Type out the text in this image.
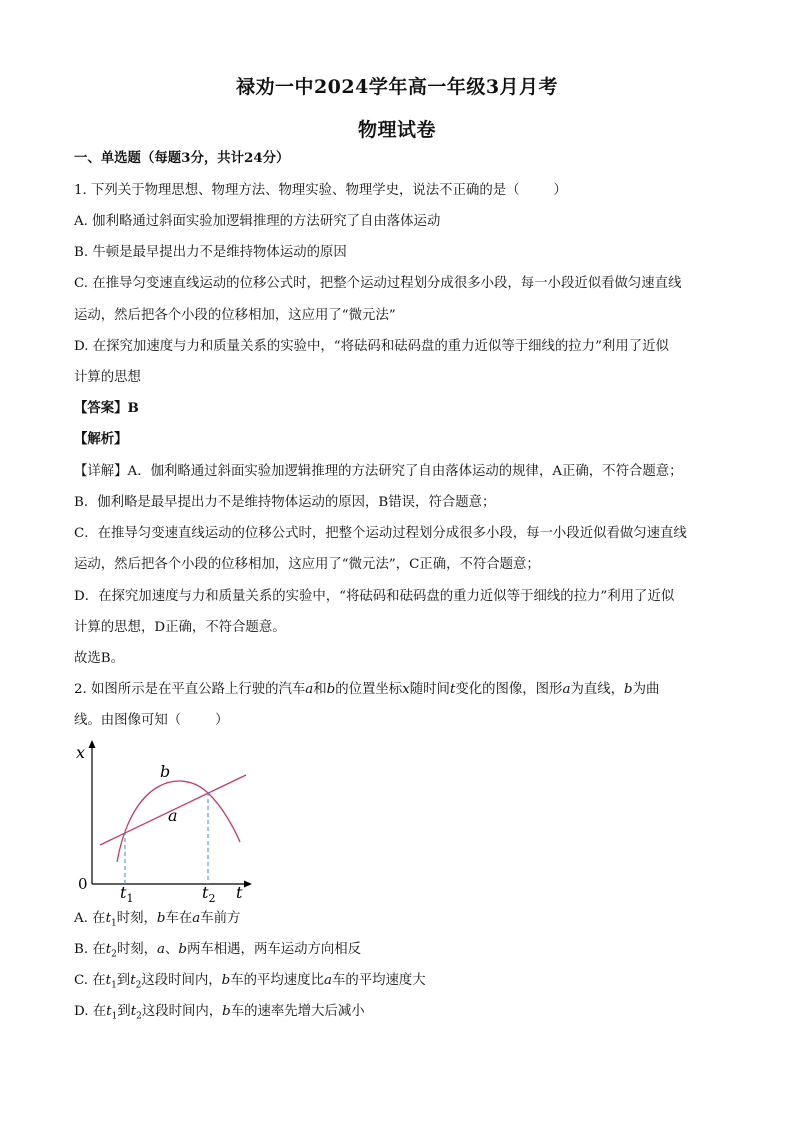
禄劝一中2024学年高一年级3月月考
物理试卷
一、单选题（每题3分，共计24分）
1. 下列关于物理思想、物理方法、物理实验、物理学史，说法不正确的是（	）
A. 伽利略通过斜面实验加逻辑推理的方法研究了自由落体运动
B. 牛顿是最早提出力不是维持物体运动的原因
C. 在推导匀变速直线运动的位移公式时，把整个运动过程划分成很多小段，每一小段近似看做匀速直线
运动，然后把各个小段的位移相加，这应用了“微元法”
D. 在探究加速度与力和质量关系的实验中，“将砝码和砝码盘的重力近似等于细线的拉力”利用了近似
计算的思想
【答案】B
【解析】
【详解】A．伽利略通过斜面实验加逻辑推理的方法研究了自由落体运动的规律，A正确，不符合题意；
B．伽利略是最早提出力不是维持物体运动的原因，B错误，符合题意；
C．在推导匀变速直线运动的位移公式时，把整个运动过程划分成很多小段，每一小段近似看做匀速直线
运动，然后把各个小段的位移相加，这应用了“微元法”，C正确，不符合题意；
D．在探究加速度与力和质量关系的实验中，“将砝码和砝码盘的重力近似等于细线的拉力”利用了近似
计算的思想，D正确，不符合题意。
故选B。
2. 如图所示是在平直公路上行驶的汽车a和b的位置坐标x随时间t变化的图像，图形a为直线，b为曲
线。由图像可知（	）
x
t
0
b
a
$t_1$	$t_2$
A. 在$t_1$时刻，b车在a车前方
B. 在$t_2$时刻，a、b两车相遇，两车运动方向相反
C. 在$t_1$到$t_2$这段时间内，b车的平均速度比a车的平均速度大
D. 在$t_1$到$t_2$这段时间内，b车的速率先增大后减小
